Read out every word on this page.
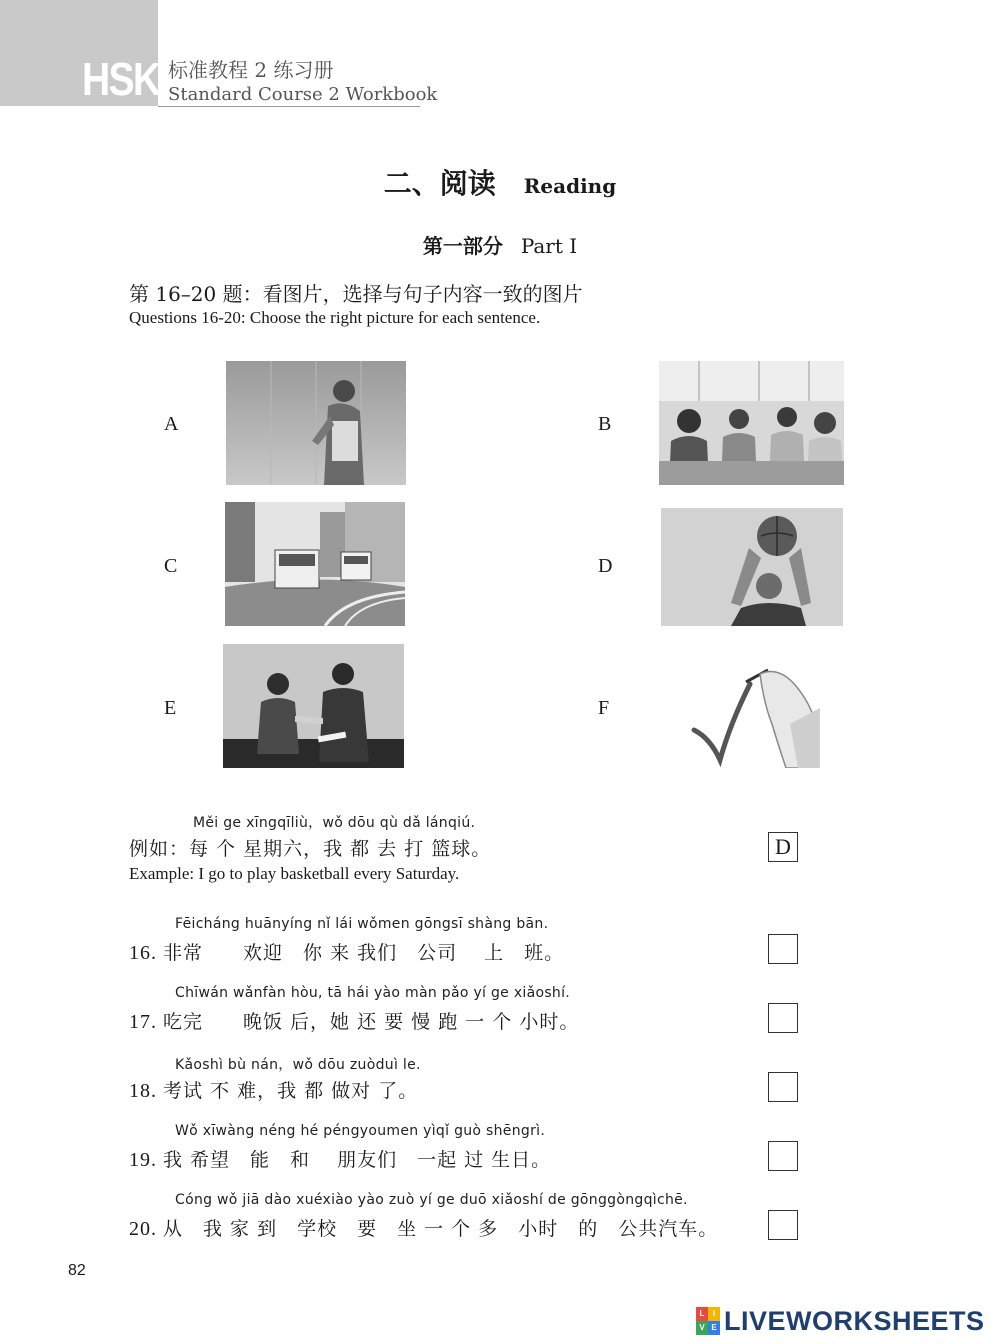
HSK 标准教程 2 练习册
Standard Course 2 Workbook
二、阅读 Reading
第一部分 Part Ⅰ
第 16–20 题：看图片，选择与句子内容一致的图片
Questions 16-20: Choose the right picture for each sentence.
A	B
C	D
E	F
Měi ge xīngqīliù，wǒ dōu qù dǎ lánqiú.
例如：每 个 星期六，我 都 去 打 篮球。
Example: I go to play basketball every Saturday.
D
Fēicháng huānyíng nǐ lái wǒmen gōngsī shàng bān.
16. 非常　　欢迎　你 来 我们　公司　 上　班。
Chīwán wǎnfàn hòu, tā hái yào màn pǎo yí ge xiǎoshí.
17. 吃完　　晚饭 后，她 还 要 慢 跑 一 个 小时。
Kǎoshì bù nán，wǒ dōu zuòduì le.
18. 考试 不 难，我 都 做对 了。
Wǒ xīwàng néng hé péngyoumen yìqǐ guò shēngrì.
19. 我 希望　能　和　 朋友们　一起 过 生日。
Cóng wǒ jiā dào xuéxiào yào zuò yí ge duō xiǎoshí de gōnggòngqìchē.
20. 从　我 家 到　学校　要　坐 一 个 多　小时　的　公共汽车。
82
L	I
V E LIVEWORKSHEETS
